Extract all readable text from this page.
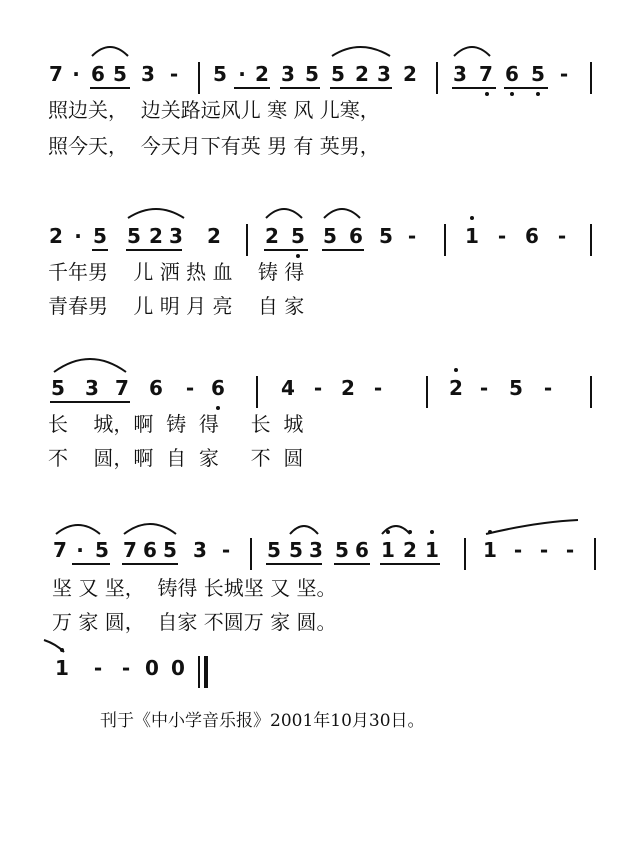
7 · 6 5 3 - 5 · 2 3 5 5 2 3 2 3 7 6 5 -
照边关，  边关路远风儿 寒 风 儿寒，
照今天，  今天月下有英 男 有 英男，
2 · 5 5 2 3 2 2 5 5 6 5 - 1 - 6 -
千年男    儿 洒 热 血    铸 得
青春男    儿 明 月 亮    自 家
5 3 7 6 - 6	4 - 2 -	2 - 5 -
长    城，啊  铸  得     长  城
不    圆，啊  自  家     不  圆
7 · 5 7 6 5 3 - 5 5 3 5 6 1 2 1 1 - - -
坚 又 坚，  铸得 长城坚 又 坚。
万 家 圆，  自家 不圆万 家 圆。
1 - - 0 0
刊于《中小学音乐报》2001年10月30日。
